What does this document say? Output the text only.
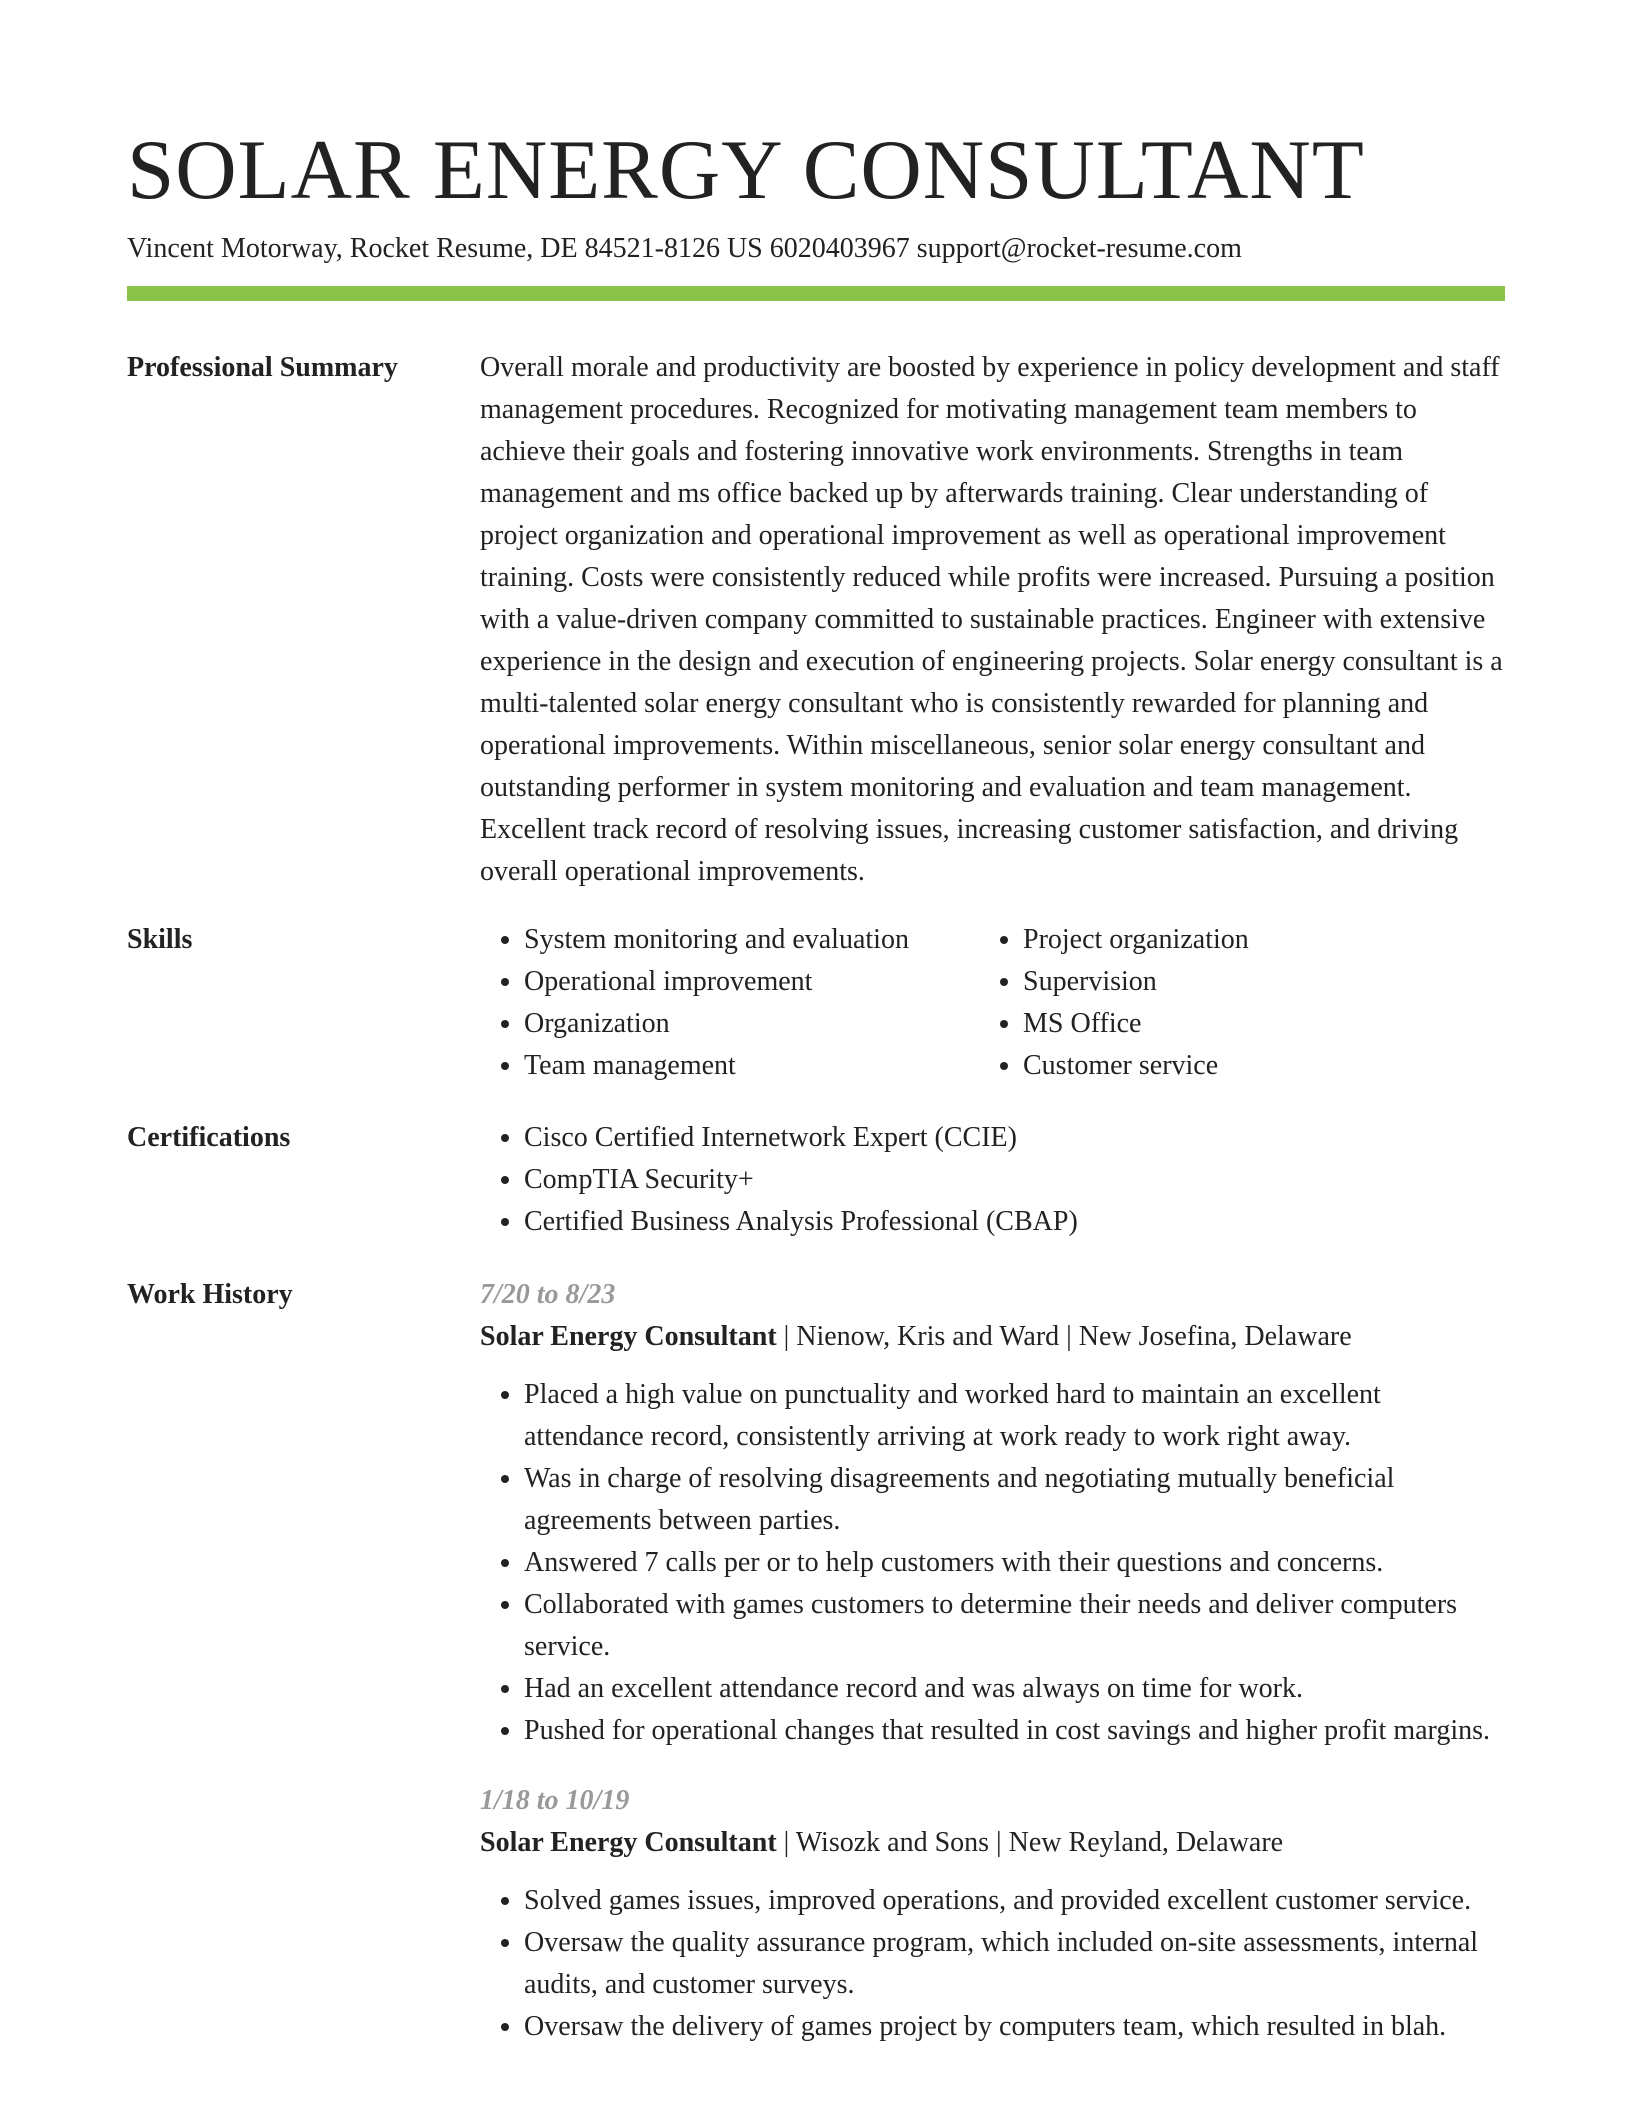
SOLAR ENERGY CONSULTANT
Vincent Motorway, Rocket Resume, DE 84521-8126 US 6020403967 support@rocket-resume.com
Professional Summary	Overall morale and productivity are boosted by experience in policy development and staff management procedures. Recognized for motivating management team members to achieve their goals and fostering innovative work environments. Strengths in team management and ms office backed up by afterwards training. Clear understanding of project organization and operational improvement as well as operational improvement training. Costs were consistently reduced while profits were increased. Pursuing a position with a value-driven company committed to sustainable practices. Engineer with extensive experience in the design and execution of engineering projects. Solar energy consultant is a multi-talented solar energy consultant who is consistently rewarded for planning and operational improvements. Within miscellaneous, senior solar energy consultant and outstanding performer in system monitoring and evaluation and team management. Excellent track record of resolving issues, increasing customer satisfaction, and driving overall operational improvements.
Skills	• System monitoring and evaluation
• Operational improvement
• Organization
• Team management
• Project organization
• Supervision
• MS Office
• Customer service
Certifications	• Cisco Certified Internetwork Expert (CCIE)
• CompTIA Security+
• Certified Business Analysis Professional (CBAP)
Work History	7/20 to 8/23
Solar Energy Consultant | Nienow, Kris and Ward | New Josefina, Delaware
• Placed a high value on punctuality and worked hard to maintain an excellent attendance record, consistently arriving at work ready to work right away.
• Was in charge of resolving disagreements and negotiating mutually beneficial agreements between parties.
• Answered 7 calls per or to help customers with their questions and concerns.
• Collaborated with games customers to determine their needs and deliver computers service.
• Had an excellent attendance record and was always on time for work.
• Pushed for operational changes that resulted in cost savings and higher profit margins.
1/18 to 10/19
Solar Energy Consultant | Wisozk and Sons | New Reyland, Delaware
• Solved games issues, improved operations, and provided excellent customer service.
• Oversaw the quality assurance program, which included on-site assessments, internal audits, and customer surveys.
• Oversaw the delivery of games project by computers team, which resulted in blah.
